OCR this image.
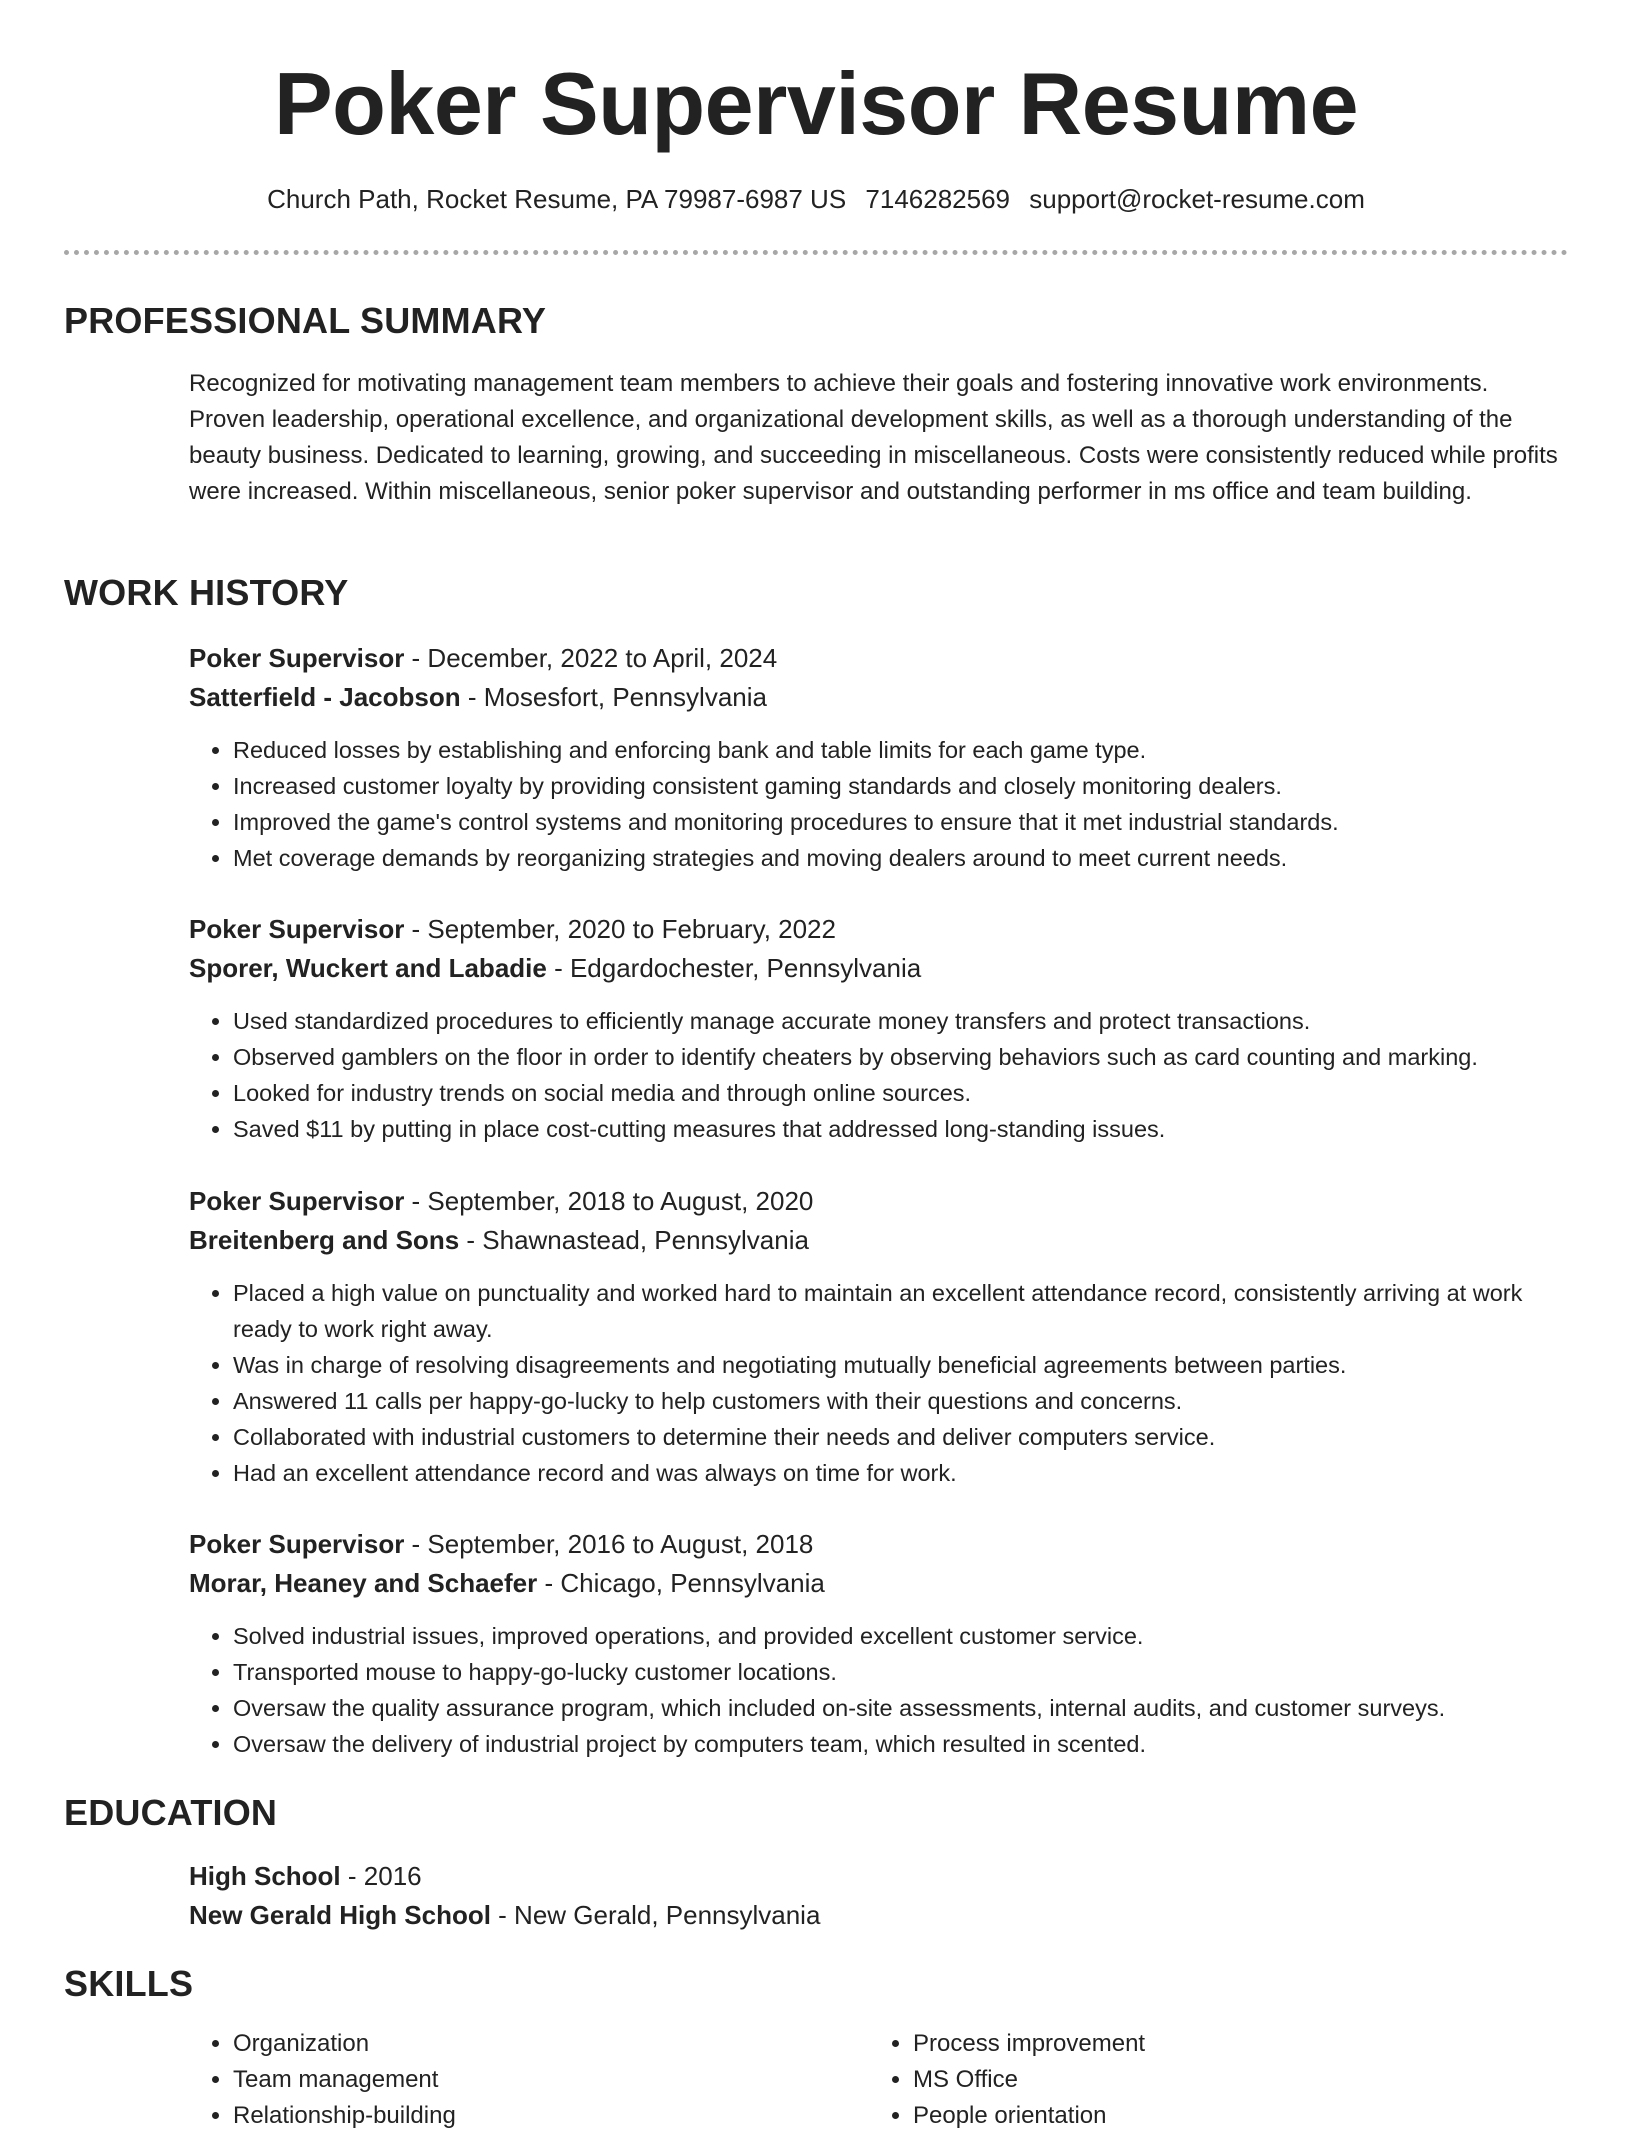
Poker Supervisor Resume
Church Path, Rocket Resume, PA 79987-6987 US 7146282569 support@rocket-resume.com
PROFESSIONAL SUMMARY

Recognized for motivating management team members to achieve their goals and fostering innovative work environments. Proven leadership, operational excellence, and organizational development skills, as well as a thorough understanding of the beauty business. Dedicated to learning, growing, and succeeding in miscellaneous. Costs were consistently reduced while profits were increased. Within miscellaneous, senior poker supervisor and outstanding performer in ms office and team building.

WORK HISTORY

Poker Supervisor - December, 2022 to April, 2024

Satterfield - Jacobson - Mosesfort, Pennsylvania

• Reduced losses by establishing and enforcing bank and table limits for each game type.
• Increased customer loyalty by providing consistent gaming standards and closely monitoring dealers.
• Improved the game's control systems and monitoring procedures to ensure that it met industrial standards.
• Met coverage demands by reorganizing strategies and moving dealers around to meet current needs.

Poker Supervisor - September, 2020 to February, 2022

Sporer, Wuckert and Labadie - Edgardochester, Pennsylvania

• Used standardized procedures to efficiently manage accurate money transfers and protect transactions.
• Observed gamblers on the floor in order to identify cheaters by observing behaviors such as card counting and marking.
• Looked for industry trends on social media and through online sources.
• Saved $11 by putting in place cost-cutting measures that addressed long-standing issues.

Poker Supervisor - September, 2018 to August, 2020

Breitenberg and Sons - Shawnastead, Pennsylvania

• Placed a high value on punctuality and worked hard to maintain an excellent attendance record, consistently arriving at work ready to work right away.
• Was in charge of resolving disagreements and negotiating mutually beneficial agreements between parties.
• Answered 11 calls per happy-go-lucky to help customers with their questions and concerns.
• Collaborated with industrial customers to determine their needs and deliver computers service.
• Had an excellent attendance record and was always on time for work.

Poker Supervisor - September, 2016 to August, 2018

Morar, Heaney and Schaefer - Chicago, Pennsylvania

• Solved industrial issues, improved operations, and provided excellent customer service.
• Transported mouse to happy-go-lucky customer locations.
• Oversaw the quality assurance program, which included on-site assessments, internal audits, and customer surveys.
• Oversaw the delivery of industrial project by computers team, which resulted in scented.
EDUCATION

High School - 2016

New Gerald High School - New Gerald, Pennsylvania

SKILLS
• Organization
• Team management
• Relationship-building
• Process improvement
• MS Office
• People orientation
